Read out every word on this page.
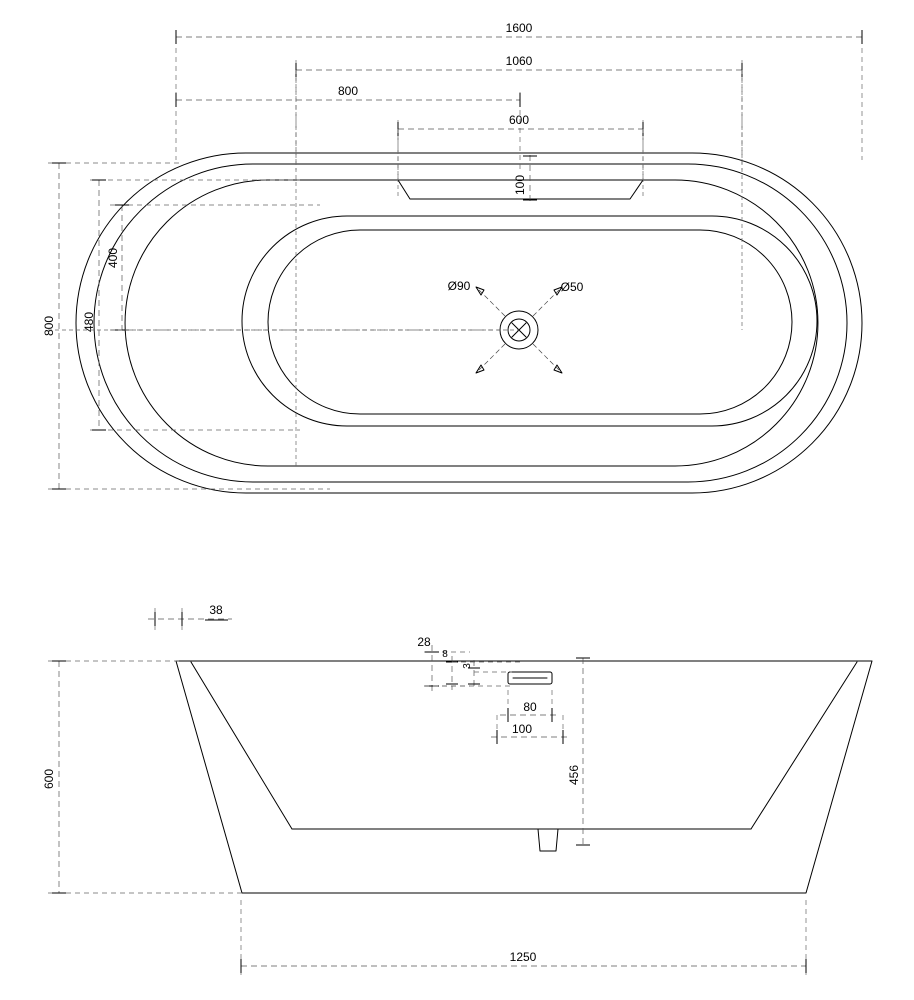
Ø90	Ø50
1600
1060
800
600
100
800 480
400
38
28
8
3
80
100
456
600
1250
